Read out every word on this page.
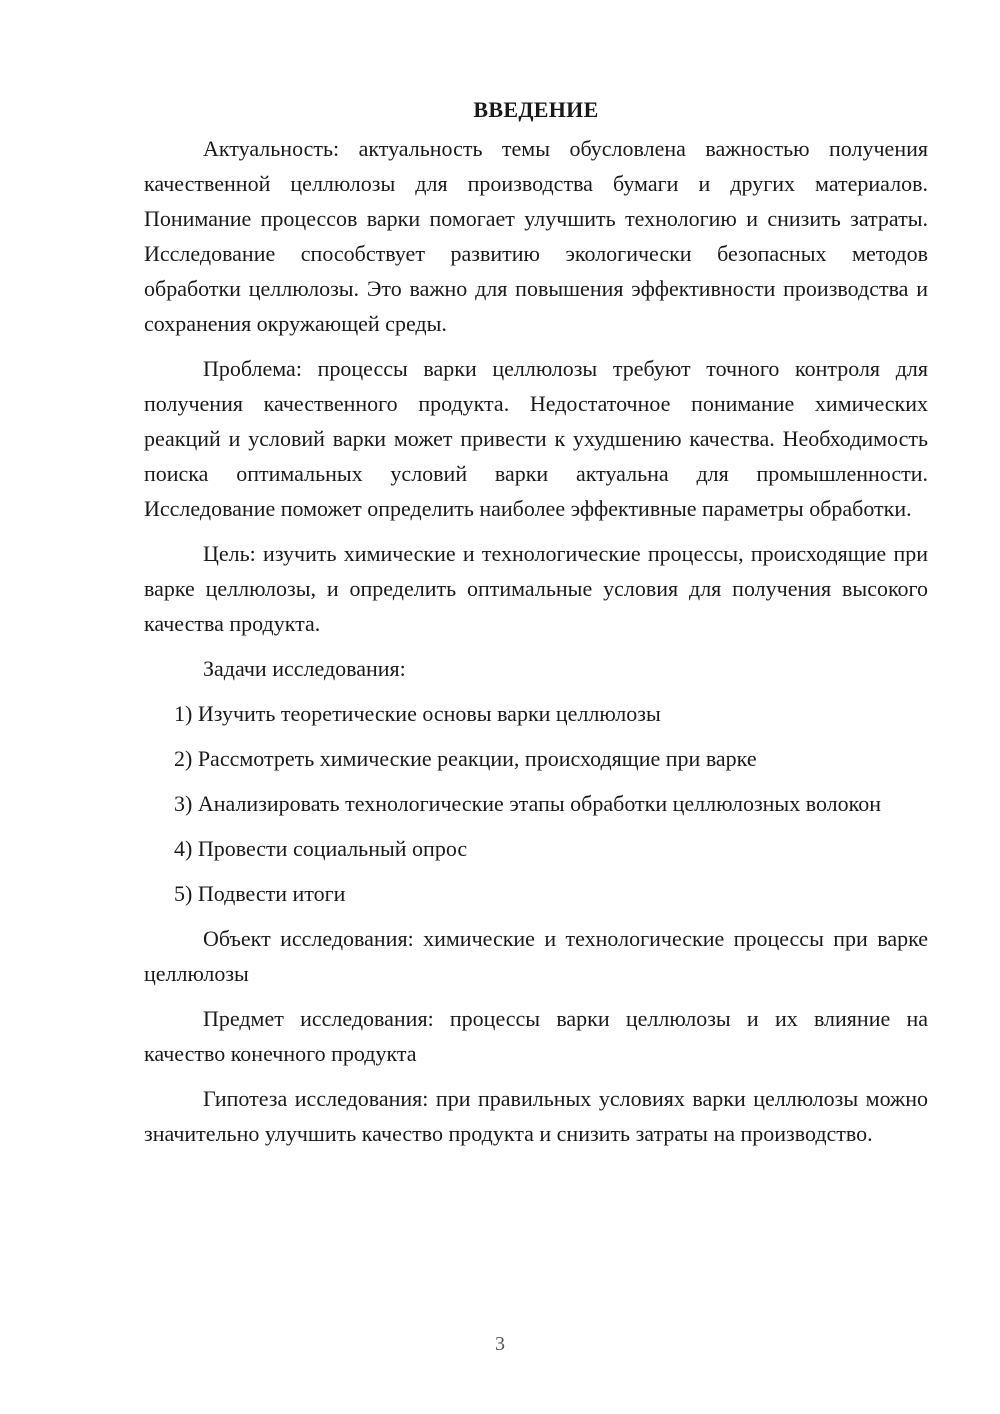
ВВЕДЕНИЕ

Актуальность: актуальность темы обусловлена важностью получения качественной целлюлозы для производства бумаги и других материалов. Понимание процессов варки помогает улучшить технологию и снизить затраты. Исследование способствует развитию экологически безопасных методов обработки целлюлозы. Это важно для повышения эффективности производства и сохранения окружающей среды.

Проблема: процессы варки целлюлозы требуют точного контроля для получения качественного продукта. Недостаточное понимание химических реакций и условий варки может привести к ухудшению качества. Необходимость поиска оптимальных условий варки актуальна для промышленности. Исследование поможет определить наиболее эффективные параметры обработки.

Цель: изучить химические и технологические процессы, происходящие при варке целлюлозы, и определить оптимальные условия для получения высокого качества продукта.

Задачи исследования:

1) Изучить теоретические основы варки целлюлозы

2) Рассмотреть химические реакции, происходящие при варке

3) Анализировать технологические этапы обработки целлюлозных волокон

4) Провести социальный опрос

5) Подвести итоги

Объект исследования: химические и технологические процессы при варке целлюлозы

Предмет исследования: процессы варки целлюлозы и их влияние на качество конечного продукта

Гипотеза исследования: при правильных условиях варки целлюлозы можно значительно улучшить качество продукта и снизить затраты на производство.

3
